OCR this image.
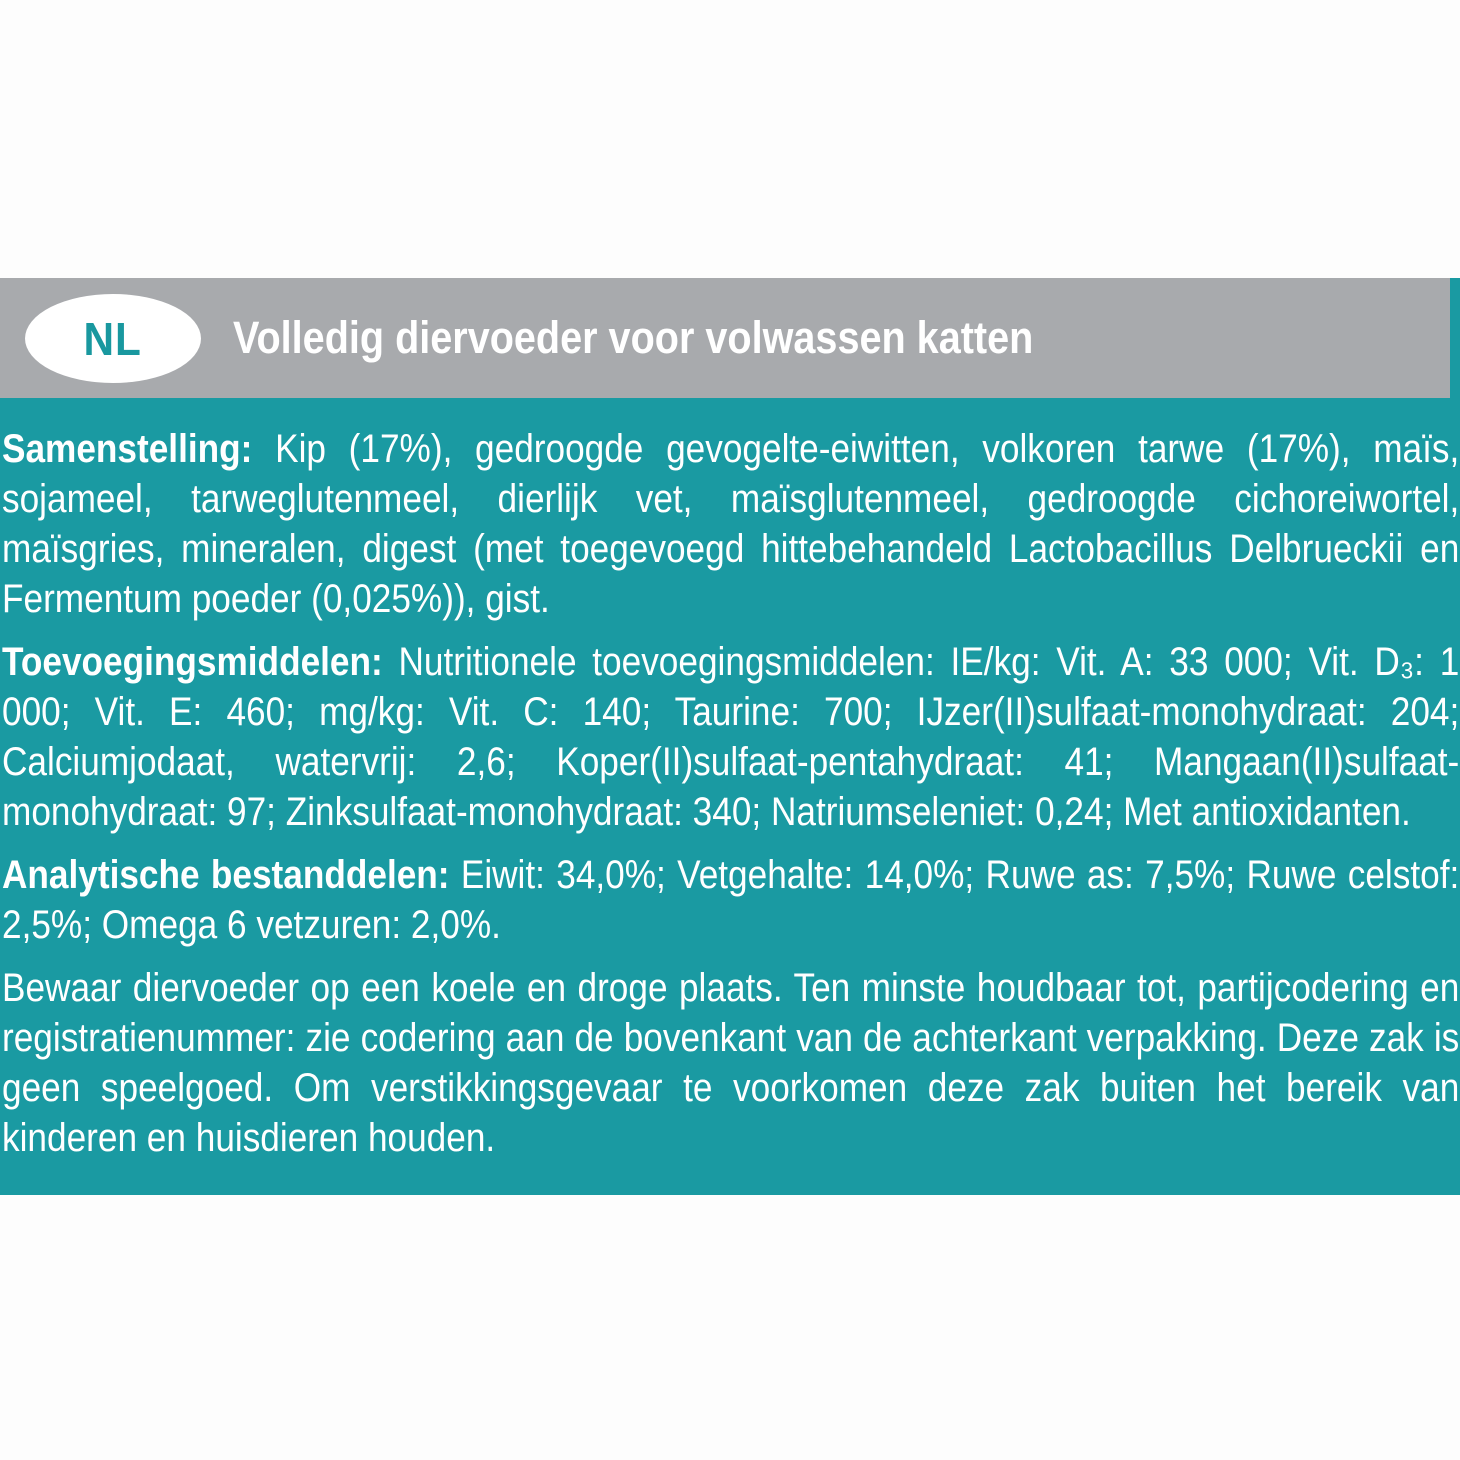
NL Volledig diervoeder voor volwassen katten

Samenstelling: Kip (17%), gedroogde gevogelte-eiwitten, volkoren tarwe (17%), maïs, sojameel, tarweglutenmeel, dierlijk vet, maïsglutenmeel, gedroogde cichoreiwortel, maïsgries, mineralen, digest (met toegevoegd hittebehandeld Lactobacillus Delbrueckii en Fermentum poeder (0,025%)), gist.

Toevoegingsmiddelen: Nutritionele toevoegingsmiddelen: IE/kg: Vit. A: 33 000; Vit. D₃: 1 000; Vit. E: 460; mg/kg: Vit. C: 140; Taurine: 700; IJzer(II)sulfaat-monohydraat: 204; Calciumjodaat, watervrij: 2,6; Koper(II)sulfaat-pentahydraat: 41; Mangaan(II)sulfaat-monohydraat: 97; Zinksulfaat-monohydraat: 340; Natriumseleniet: 0,24; Met antioxidanten.

Analytische bestanddelen: Eiwit: 34,0%; Vetgehalte: 14,0%; Ruwe as: 7,5%; Ruwe celstof: 2,5%; Omega 6 vetzuren: 2,0%.

Bewaar diervoeder op een koele en droge plaats. Ten minste houdbaar tot, partijcodering en registratienummer: zie codering aan de bovenkant van de achterkant verpakking. Deze zak is geen speelgoed. Om verstikkingsgevaar te voorkomen deze zak buiten het bereik van kinderen en huisdieren houden.
